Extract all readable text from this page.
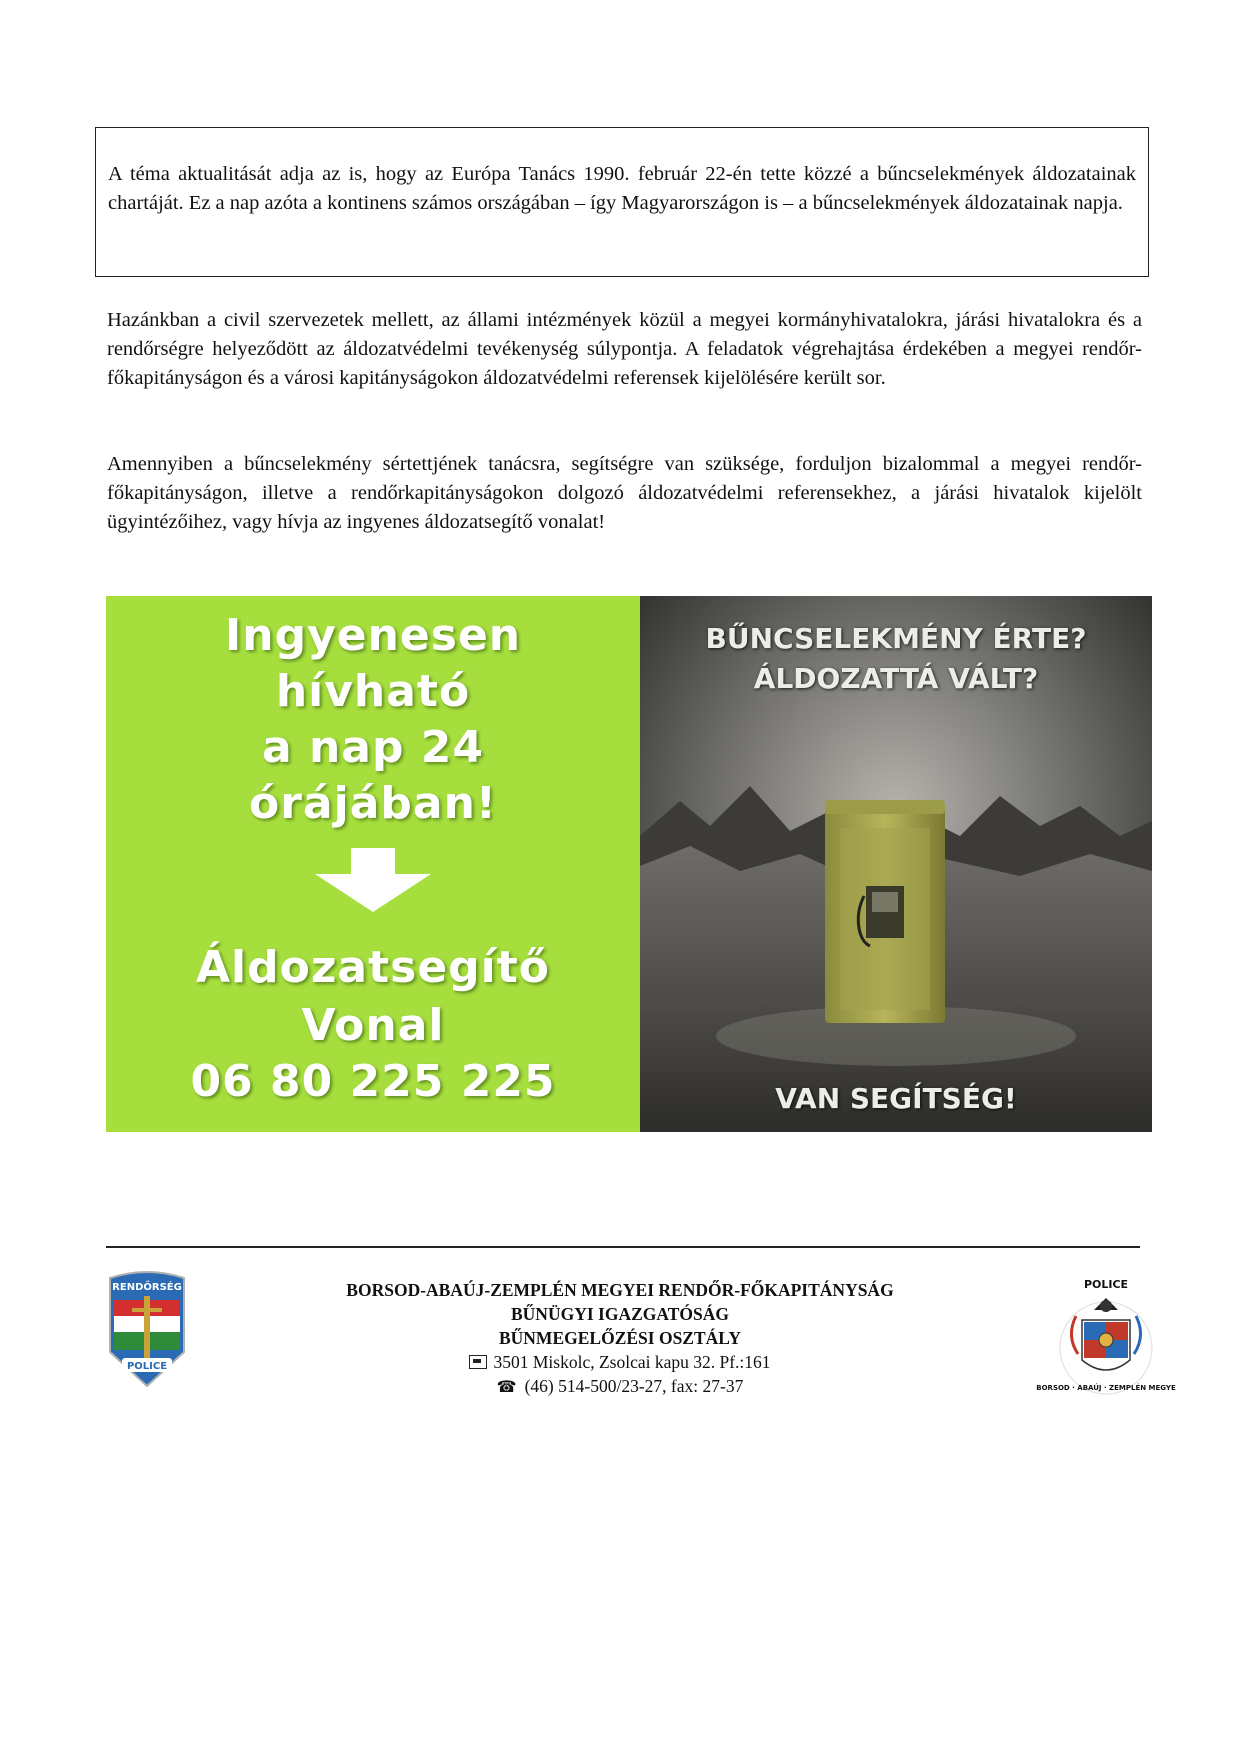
A téma aktualitását adja az is, hogy az Európa Tanács 1990. február 22-én tette közzé a bűncselekmények áldozatainak chartáját. Ez a nap azóta a kontinens számos országában – így Magyarországon is – a bűncselekmények áldozatainak napja.

Hazánkban a civil szervezetek mellett, az állami intézmények közül a megyei kormányhivatalokra, járási hivatalokra és a rendőrségre helyeződött az áldozatvédelmi tevékenység súlypontja. A feladatok végrehajtása érdekében a megyei rendőr-főkapitányságon és a városi kapitányságokon áldozatvédelmi referensek kijelölésére került sor.

Amennyiben a bűncselekmény sértettjének tanácsra, segítségre van szüksége, forduljon bizalommal a megyei rendőr-főkapitányságon, illetve a rendőrkapitányságokon dolgozó áldozatvédelmi referensekhez, a járási hivatalok kijelölt ügyintézőihez, vagy hívja az ingyenes áldozatsegítő vonalat!

Ingyenesen
hívható
a nap 24
órájában!
Áldozatsegítő
Vonal
06 80 225 225
BŰNCSELEKMÉNY ÉRTE?
ÁLDOZATTÁ VÁLT?
VAN SEGÍTSÉG!
RENDŐRSÉG
POLICE
BORSOD-ABAÚJ-ZEMPLÉN MEGYEI RENDŐR-FŐKAPITÁNYSÁG
BŰNÜGYI IGAZGATÓSÁG
BŰNMEGELŐZÉSI OSZTÁLY
3501 Miskolc, Zsolcai kapu 32. Pf.:161
☎ (46) 514-500/23-27, fax: 27-37
POLICE
BORSOD · ABAÚJ · ZEMPLÉN MEGYE
